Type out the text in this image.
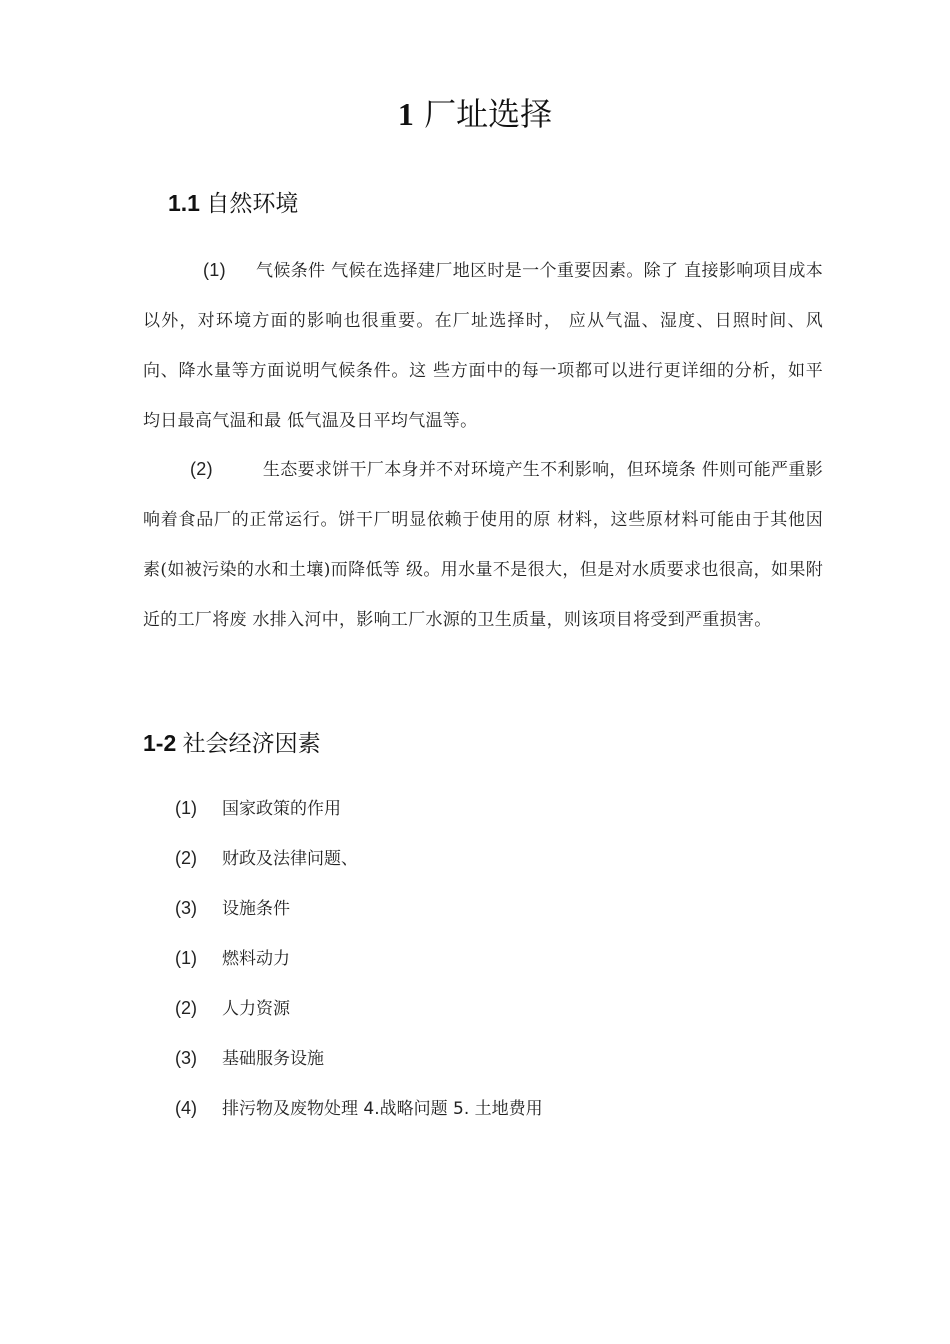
1 厂址选择
1.1 自然环境
(1) 气候条件 气候在选择建厂地区时是一个重要因素。除了 直接影响项目成本以外，对环境方面的影响也很重要。在厂址选择时， 应从气温、湿度、日照时间、风向、降水量等方面说明气候条件。这 些方面中的每一项都可以进行更详细的分析，如平均日最高气温和最 低气温及日平均气温等。
(2)	生态要求饼干厂本身并不对环境产生不利影响，但环境条 件则可能严重影响着食品厂的正常运行。饼干厂明显依赖于使用的原 材料，这些原材料可能由于其他因素(如被污染的水和土壤)而降低等 级。用水量不是很大，但是对水质要求也很高，如果附近的工厂将废 水排入河中，影响工厂水源的卫生质量，则该项目将受到严重损害。
1-2 社会经济因素
(1) 国家政策的作用
(2) 财政及法律问题、
(3) 设施条件
(1) 燃料动力
(2) 人力资源
(3) 基础服务设施
(4) 排污物及废物处理 4.战略问题 5. 土地费用
